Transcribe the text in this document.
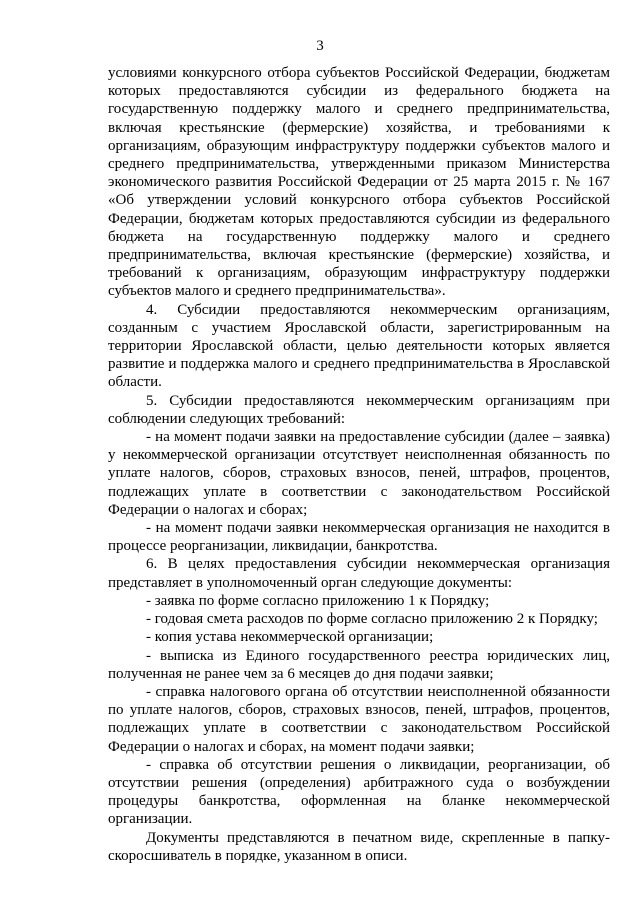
3

условиями конкурсного отбора субъектов Российской Федерации, бюджетам которых предоставляются субсидии из федерального бюджета на государственную поддержку малого и среднего предпринимательства, включая крестьянские (фермерские) хозяйства, и требованиями к организациям, образующим инфраструктуру поддержки субъектов малого и среднего предпринимательства, утвержденными приказом Министерства экономического развития Российской Федерации от 25 марта 2015 г. № 167 «Об утверждении условий конкурсного отбора субъектов Российской Федерации, бюджетам которых предоставляются субсидии из федерального бюджета на государственную поддержку малого и среднего предпринимательства, включая крестьянские (фермерские) хозяйства, и требований к организациям, образующим инфраструктуру поддержки субъектов малого и среднего предпринимательства».

4. Субсидии предоставляются некоммерческим организациям, созданным с участием Ярославской области, зарегистрированным на территории Ярославской области, целью деятельности которых является развитие и поддержка малого и среднего предпринимательства в Ярославской области.

5. Субсидии предоставляются некоммерческим организациям при соблюдении следующих требований:

- на момент подачи заявки на предоставление субсидии (далее – заявка) у некоммерческой организации отсутствует неисполненная обязанность по уплате налогов, сборов, страховых взносов, пеней, штрафов, процентов, подлежащих уплате в соответствии с законодательством Российской Федерации о налогах и сборах;

- на момент подачи заявки некоммерческая организация не находится в процессе реорганизации, ликвидации, банкротства.

6. В целях предоставления субсидии некоммерческая организация представляет в уполномоченный орган следующие документы:

- заявка по форме согласно приложению 1 к Порядку;

- годовая смета расходов по форме согласно приложению 2 к Порядку;

- копия устава некоммерческой организации;

- выписка из Единого государственного реестра юридических лиц, полученная не ранее чем за 6 месяцев до дня подачи заявки;

- справка налогового органа об отсутствии неисполненной обязанности по уплате налогов, сборов, страховых взносов, пеней, штрафов, процентов, подлежащих уплате в соответствии с законодательством Российской Федерации о налогах и сборах, на момент подачи заявки;

- справка об отсутствии решения о ликвидации, реорганизации, об отсутствии решения (определения) арбитражного суда о возбуждении процедуры банкротства, оформленная на бланке некоммерческой организации.

Документы представляются в печатном виде, скрепленные в папку-скоросшиватель в порядке, указанном в описи.
